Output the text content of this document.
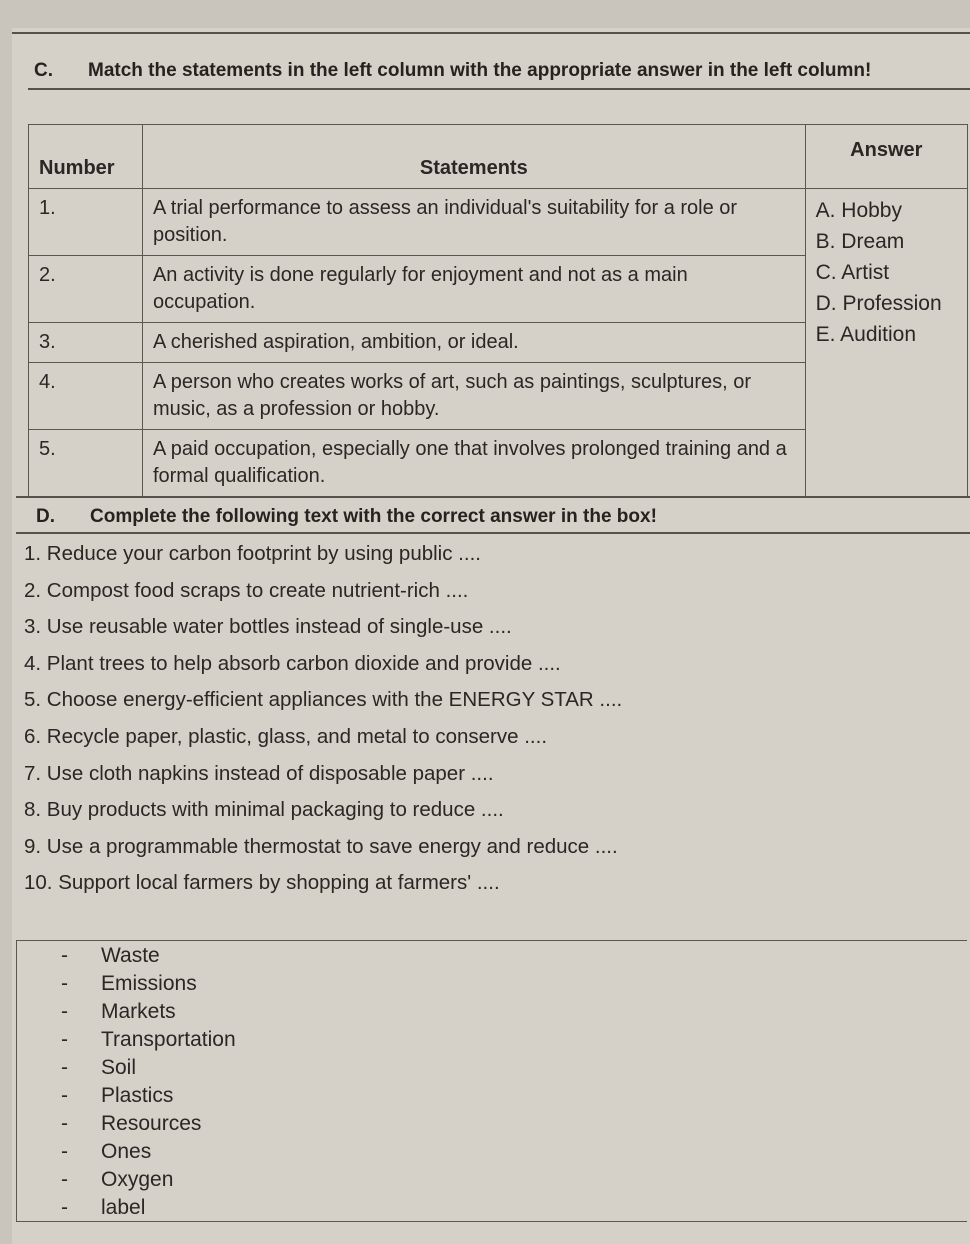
C. Match the statements in the left column with the appropriate answer in the left column!
Number	Statements	Answer
1.	A trial performance to assess an individual's suitability for a role or position.	A. Hobby
B. Dream
C. Artist
D. Profession
E. Audition

2.	An activity is done regularly for enjoyment and not as a main occupation.	
3.	A cherished aspiration, ambition, or ideal.	
4.	A person who creates works of art, such as paintings, sculptures, or music, as a profession or hobby.	
5.	A paid occupation, especially one that involves prolonged training and a formal qualification.	
D. Complete the following text with the correct answer in the box!
1. Reduce your carbon footprint by using public ....
2. Compost food scraps to create nutrient-rich ....
3. Use reusable water bottles instead of single-use ....
4. Plant trees to help absorb carbon dioxide and provide ....
5. Choose energy-efficient appliances with the ENERGY STAR ....
6. Recycle paper, plastic, glass, and metal to conserve ....
7. Use cloth napkins instead of disposable paper ....
8. Buy products with minimal packaging to reduce ....
9. Use a programmable thermostat to save energy and reduce ....
10. Support local farmers by shopping at farmers' ....
- Waste
- Emissions
- Markets
- Transportation
- Soil
- Plastics
- Resources
- Ones
- Oxygen
- label
